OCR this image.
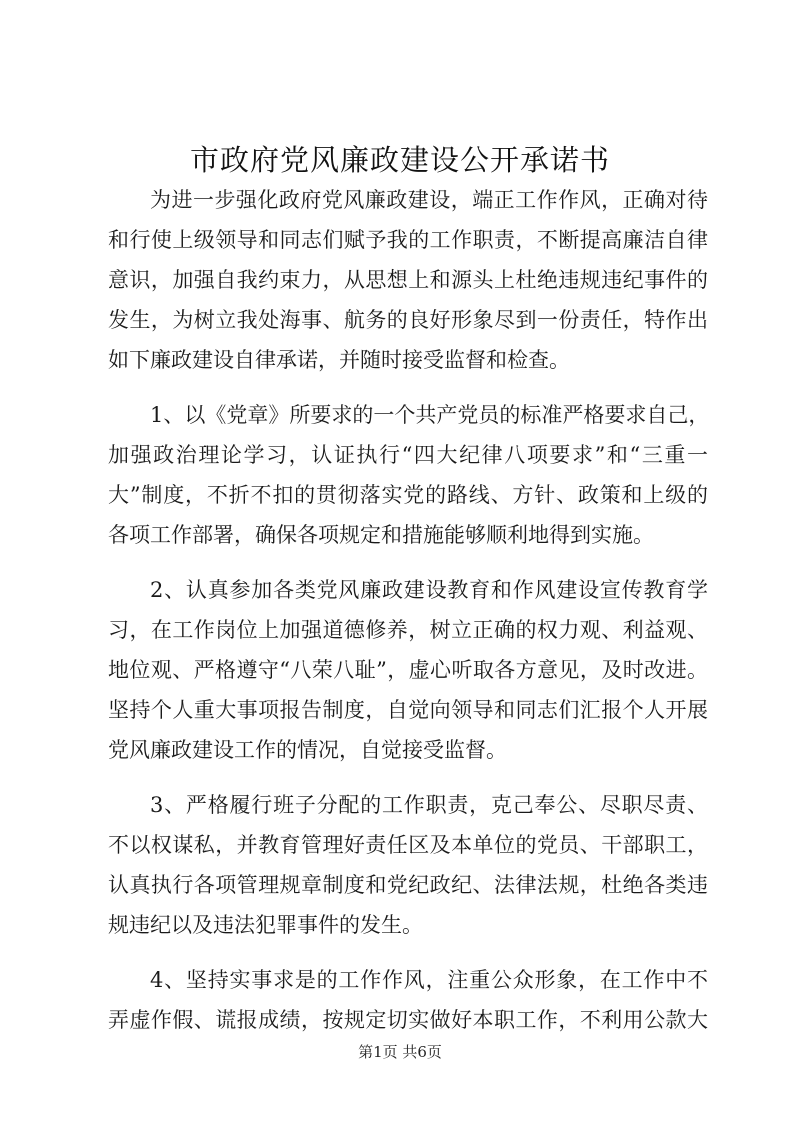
市政府党风廉政建设公开承诺书
为进一步强化政府党风廉政建设，端正工作作风，正确对待
和行使上级领导和同志们赋予我的工作职责，不断提高廉洁自律
意识，加强自我约束力，从思想上和源头上杜绝违规违纪事件的
发生，为树立我处海事、航务的良好形象尽到一份责任，特作出
如下廉政建设自律承诺，并随时接受监督和检查。
1、以《党章》所要求的一个共产党员的标准严格要求自己，
加强政治理论学习，认证执行“四大纪律八项要求”和“三重一
大”制度，不折不扣的贯彻落实党的路线、方针、政策和上级的
各项工作部署，确保各项规定和措施能够顺利地得到实施。
2、认真参加各类党风廉政建设教育和作风建设宣传教育学
习，在工作岗位上加强道德修养，树立正确的权力观、利益观、
地位观、严格遵守“八荣八耻”，虚心听取各方意见，及时改进。
坚持个人重大事项报告制度，自觉向领导和同志们汇报个人开展
党风廉政建设工作的情况，自觉接受监督。
3、严格履行班子分配的工作职责，克己奉公、尽职尽责、
不以权谋私，并教育管理好责任区及本单位的党员、干部职工，
认真执行各项管理规章制度和党纪政纪、法律法规，杜绝各类违
规违纪以及违法犯罪事件的发生。
4、坚持实事求是的工作作风，注重公众形象，在工作中不
弄虚作假、谎报成绩，按规定切实做好本职工作，不利用公款大
第1页 共6页
